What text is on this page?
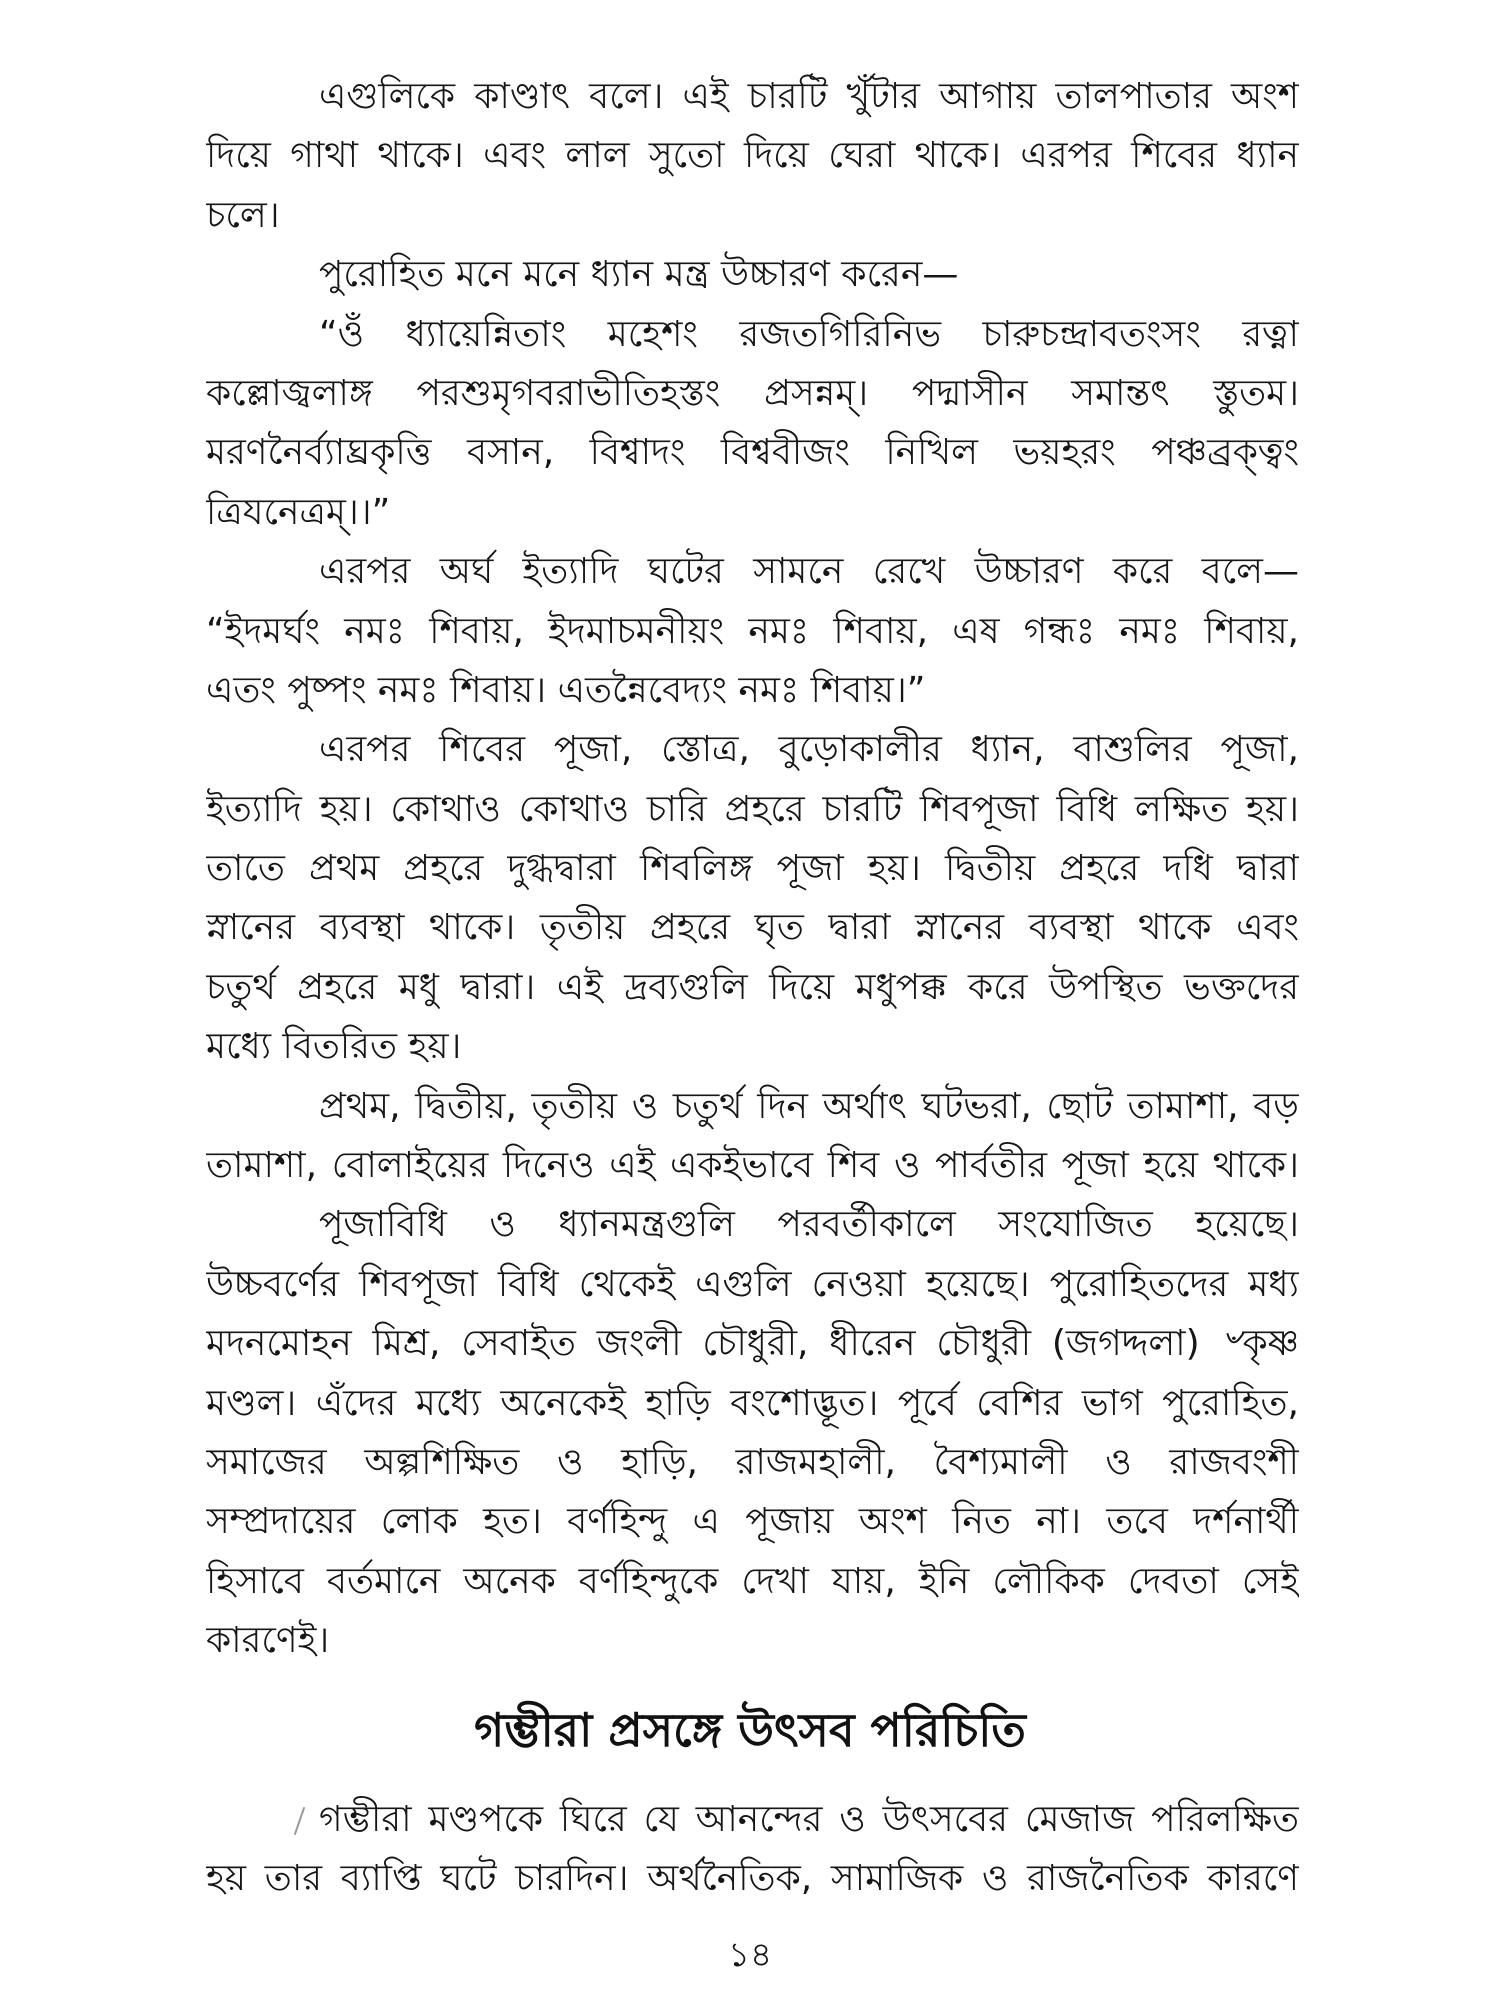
এগুলিকে কাণ্ডাৎ বলে। এই চারটি খুঁটার আগায় তালপাতার অংশ
দিয়ে গাথা থাকে। এবং লাল সুতো দিয়ে ঘেরা থাকে। এরপর শিবের ধ্যান
চলে।
পুরোহিত মনে মনে ধ্যান মন্ত্র উচ্চারণ করেন—
“ওঁ ধ্যায়েন্নিতাং মহেশং রজতগিরিনিভ চারুচন্দ্রাবতংসং রত্না
কল্লোজ্বলাঙ্গ পরশুমৃগবরাভীতিহস্তং প্রসন্নম্। পদ্মাসীন সমান্তৎ স্তুতম।
মরণনৈর্ব্যাঘ্রকৃত্তি বসান, বিশ্বাদং বিশ্ববীজং নিখিল ভয়হরং পঞ্চব্রক্ত্বং
ত্রিযনেত্রম্।।”
এরপর অর্ঘ ইত্যাদি ঘটের সামনে রেখে উচ্চারণ করে বলে—
“ইদমর্ঘং নমঃ শিবায়, ইদমাচমনীয়ং নমঃ শিবায়, এষ গন্ধঃ নমঃ শিবায়,
এতং পুষ্পং নমঃ শিবায়। এতন্নৈবেদ্যং নমঃ শিবায়।”
এরপর শিবের পূজা, স্তোত্র, বুড়োকালীর ধ্যান, বাশুলির পূজা,
ইত্যাদি হয়। কোথাও কোথাও চারি প্রহরে চারটি শিবপূজা বিধি লক্ষিত হয়।
তাতে প্রথম প্রহরে দুগ্ধদ্বারা শিবলিঙ্গ পূজা হয়। দ্বিতীয় প্রহরে দধি দ্বারা
স্নানের ব্যবস্থা থাকে। তৃতীয় প্রহরে ঘৃত দ্বারা স্নানের ব্যবস্থা থাকে এবং
চতুর্থ প্রহরে মধু দ্বারা। এই দ্রব্যগুলি দিয়ে মধুপক্ক করে উপস্থিত ভক্তদের
মধ্যে বিতরিত হয়।
প্রথম, দ্বিতীয়, তৃতীয় ও চতুর্থ দিন অর্থাৎ ঘটভরা, ছোট তামাশা, বড়
তামাশা, বোলাইয়ের দিনেও এই একইভাবে শিব ও পার্বতীর পূজা হয়ে থাকে।
পূজাবিধি ও ধ্যানমন্ত্রগুলি পরবর্তীকালে সংযোজিত হয়েছে।
উচ্চবর্ণের শিবপূজা বিধি থেকেই এগুলি নেওয়া হয়েছে। পুরোহিতদের মধ্য
মদনমোহন মিশ্র, সেবাইত জংলী চৌধুরী, ধীরেন চৌধুরী (জগদ্দলা) ৺কৃষ্ণ
মণ্ডল। এঁদের মধ্যে অনেকেই হাড়ি বংশোদ্ভূত। পূর্বে বেশির ভাগ পুরোহিত,
সমাজের অল্পশিক্ষিত ও হাড়ি, রাজমহালী, বৈশ্যমালী ও রাজবংশী
সম্প্রদায়ের লোক হত। বর্ণহিন্দু এ পূজায় অংশ নিত না। তবে দর্শনার্থী
হিসাবে বর্তমানে অনেক বর্ণহিন্দুকে দেখা যায়, ইনি লৌকিক দেবতা সেই
কারণেই।
গম্ভীরা প্রসঙ্গে উৎসব পরিচিতি
গম্ভীরা মণ্ডপকে ঘিরে যে আনন্দের ও উৎসবের মেজাজ পরিলক্ষিত
হয় তার ব্যাপ্তি ঘটে চারদিন। অর্থনৈতিক, সামাজিক ও রাজনৈতিক কারণে
১৪
